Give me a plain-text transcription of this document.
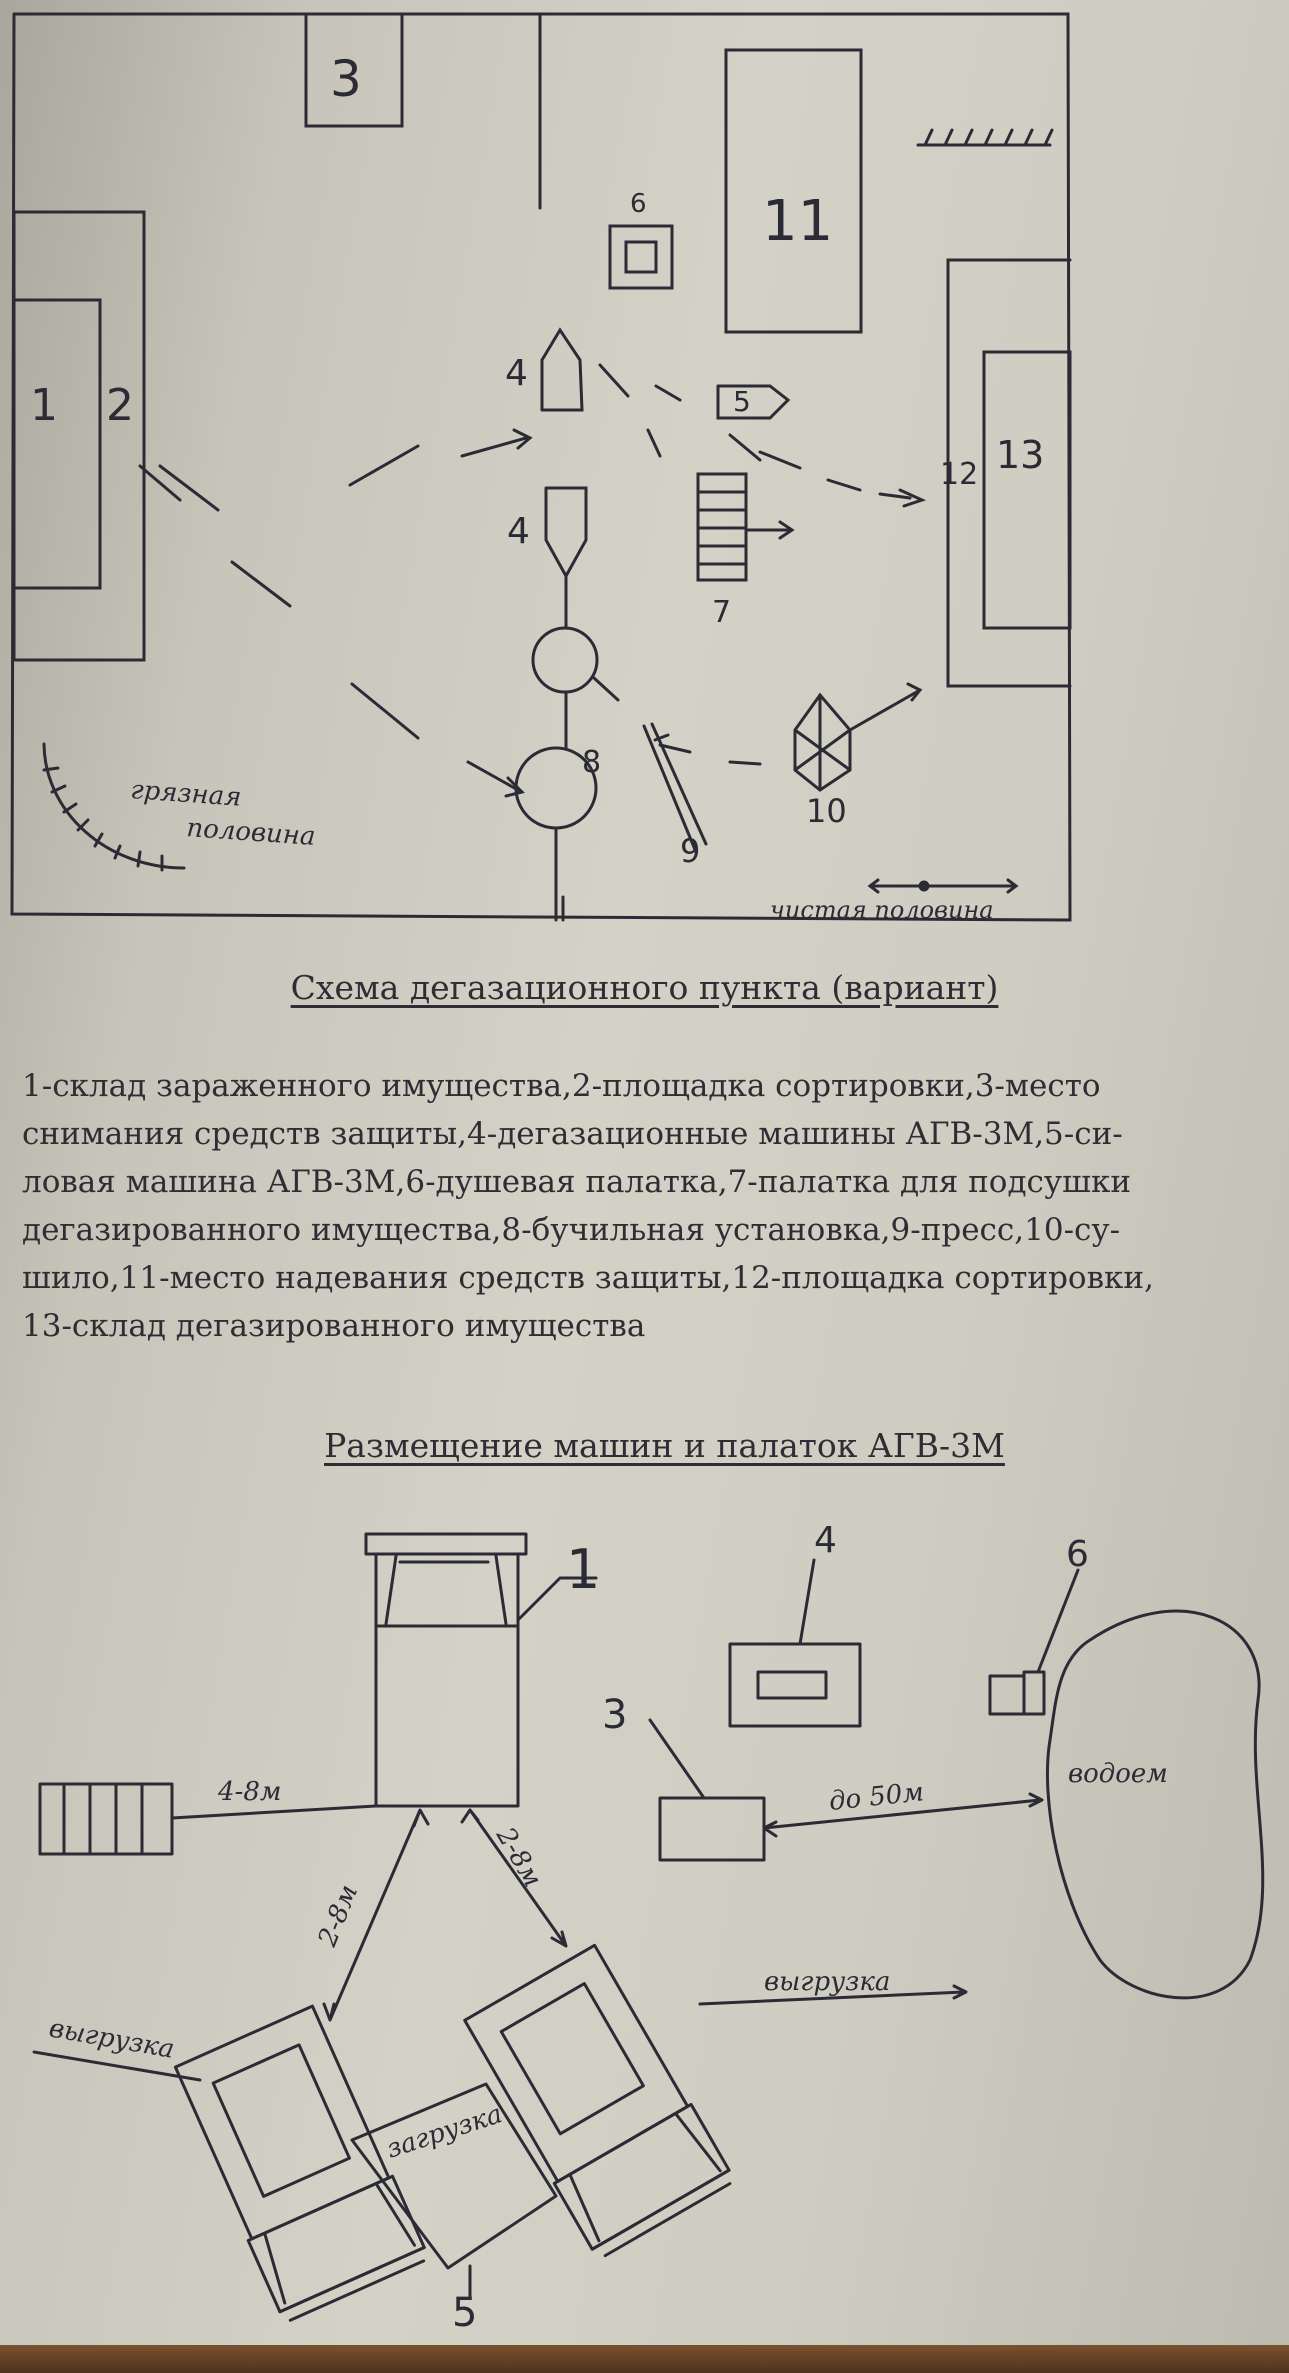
1 2
3
4
4
5
6
7
8
9
10
11
12 13
грязная
половина
чистая половина
Схема дегазационного пункта (вариант)
1-склад зараженного имущества,2-площадка сортировки,3-место
снимания средств защиты,4-дегазационные машины АГВ-3М,5-си-
ловая машина АГВ-3М,6-душевая палатка,7-палатка для подсушки
дегазированного имущества,8-бучильная установка,9-пресс,10-су-
шило,11-место надевания средств защиты,12-площадка сортировки,
13-склад дегазированного имущества
Размещение машин и палаток АГВ-3М
1
3
4
5
6
4-8м
2-8м
2-8м
до 50м
водоем
выгрузка
выгрузка
загрузка
